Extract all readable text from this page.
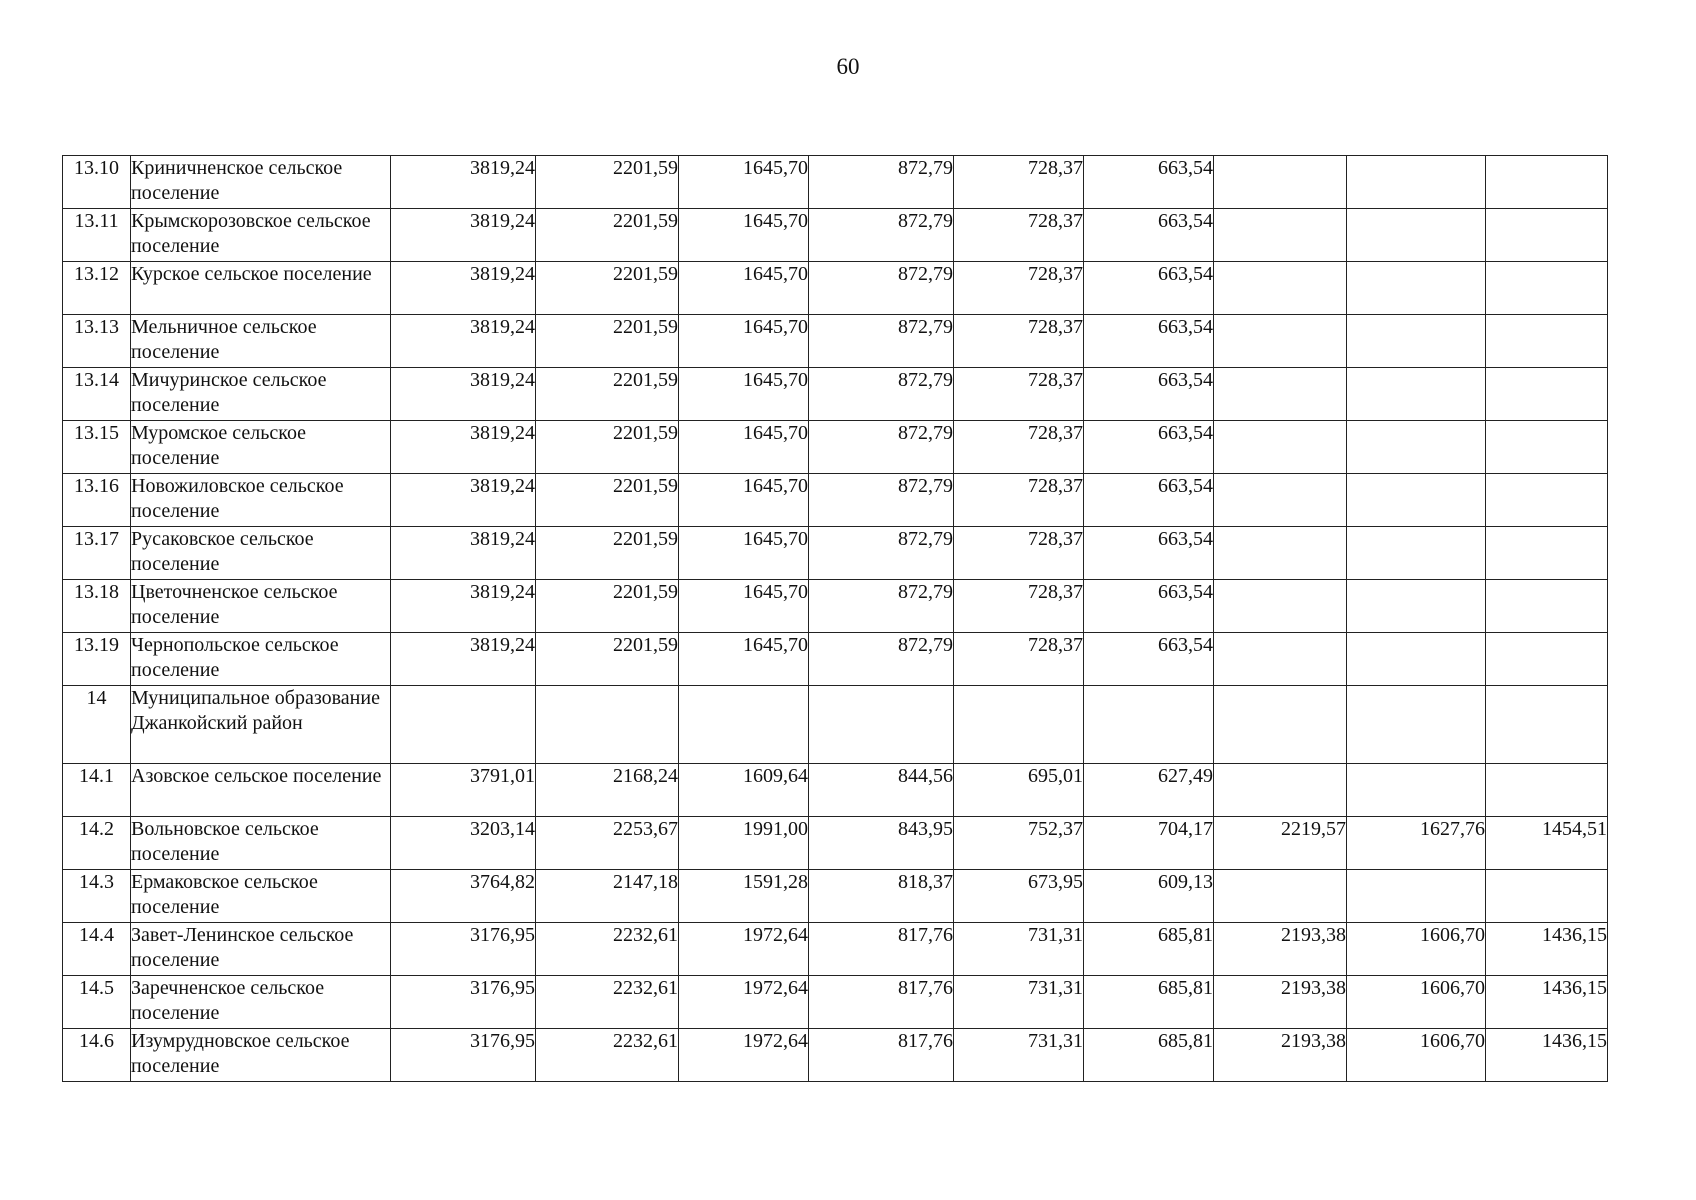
60
13.10	Криничненское сельское поселение	3819,24	2201,59	1645,70	872,79	728,37	663,54			
13.11	Крымскорозовское сельское поселение	3819,24	2201,59	1645,70	872,79	728,37	663,54			
13.12	Курское сельское поселение	3819,24	2201,59	1645,70	872,79	728,37	663,54			
13.13	Мельничное сельское поселение	3819,24	2201,59	1645,70	872,79	728,37	663,54			
13.14	Мичуринское сельское поселение	3819,24	2201,59	1645,70	872,79	728,37	663,54			
13.15	Муромское сельское поселение	3819,24	2201,59	1645,70	872,79	728,37	663,54			
13.16	Новожиловское сельское поселение	3819,24	2201,59	1645,70	872,79	728,37	663,54			
13.17	Русаковское сельское поселение	3819,24	2201,59	1645,70	872,79	728,37	663,54			
13.18	Цветочненское сельское поселение	3819,24	2201,59	1645,70	872,79	728,37	663,54			
13.19	Чернопольское сельское поселение	3819,24	2201,59	1645,70	872,79	728,37	663,54			
14	Муниципальное образование Джанкойский район									
14.1	Азовское сельское поселение	3791,01	2168,24	1609,64	844,56	695,01	627,49			
14.2	Вольновское сельское поселение	3203,14	2253,67	1991,00	843,95	752,37	704,17	2219,57	1627,76	1454,51
14.3	Ермаковское сельское поселение	3764,82	2147,18	1591,28	818,37	673,95	609,13			
14.4	Завет-Ленинское сельское поселение	3176,95	2232,61	1972,64	817,76	731,31	685,81	2193,38	1606,70	1436,15
14.5	Заречненское сельское поселение	3176,95	2232,61	1972,64	817,76	731,31	685,81	2193,38	1606,70	1436,15
14.6	Изумрудновское сельское поселение	3176,95	2232,61	1972,64	817,76	731,31	685,81	2193,38	1606,70	1436,15
